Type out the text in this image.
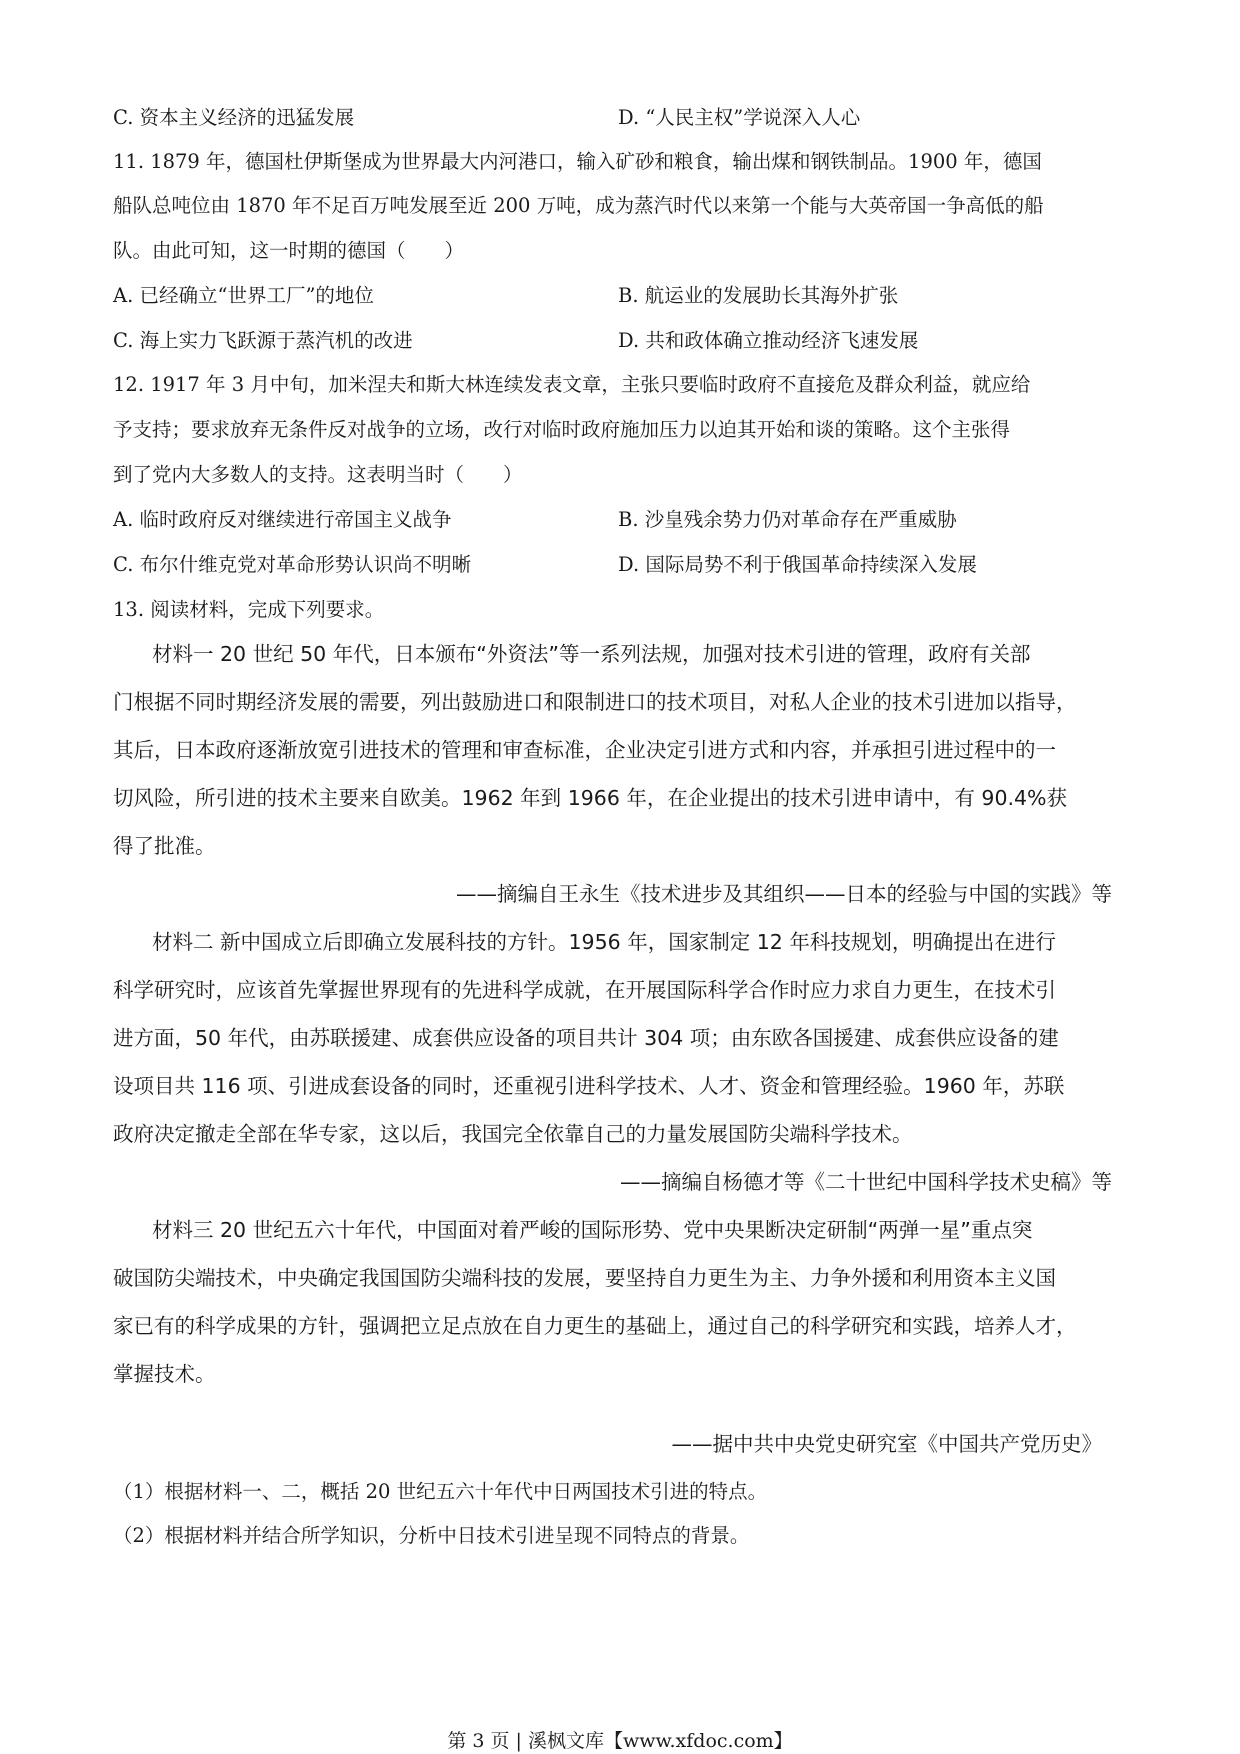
C. 资本主义经济的迅猛发展	D. “人民主权”学说深入人心
11. 1879 年，德国杜伊斯堡成为世界最大内河港口，输入矿砂和粮食，输出煤和钢铁制品。1900 年，德国
船队总吨位由 1870 年不足百万吨发展至近 200 万吨，成为蒸汽时代以来第一个能与大英帝国一争高低的船
队。由此可知，这一时期的德国（　　）
A. 已经确立“世界工厂”的地位	B. 航运业的发展助长其海外扩张
C. 海上实力飞跃源于蒸汽机的改进	D. 共和政体确立推动经济飞速发展
12. 1917 年 3 月中旬，加米涅夫和斯大林连续发表文章，主张只要临时政府不直接危及群众利益，就应给
予支持；要求放弃无条件反对战争的立场，改行对临时政府施加压力以迫其开始和谈的策略。这个主张得
到了党内大多数人的支持。这表明当时（　　）
A. 临时政府反对继续进行帝国主义战争	B. 沙皇残余势力仍对革命存在严重威胁
C. 布尔什维克党对革命形势认识尚不明晰	D. 国际局势不利于俄国革命持续深入发展
13. 阅读材料，完成下列要求。
材料一 20 世纪 50 年代，日本颁布“外资法”等一系列法规，加强对技术引进的管理，政府有关部
门根据不同时期经济发展的需要，列出鼓励进口和限制进口的技术项目，对私人企业的技术引进加以指导，
其后，日本政府逐渐放宽引进技术的管理和审查标准，企业决定引进方式和内容，并承担引进过程中的一
切风险，所引进的技术主要来自欧美。1962 年到 1966 年，在企业提出的技术引进申请中，有 90.4%获
得了批准。
——摘编自王永生《技术进步及其组织——日本的经验与中国的实践》等
材料二 新中国成立后即确立发展科技的方针。1956 年，国家制定 12 年科技规划，明确提出在进行
科学研究时，应该首先掌握世界现有的先进科学成就，在开展国际科学合作时应力求自力更生，在技术引
进方面，50 年代，由苏联援建、成套供应设备的项目共计 304 项；由东欧各国援建、成套供应设备的建
设项目共 116 项、引进成套设备的同时，还重视引进科学技术、人才、资金和管理经验。1960 年，苏联
政府决定撤走全部在华专家，这以后，我国完全依靠自己的力量发展国防尖端科学技术。
——摘编自杨德才等《二十世纪中国科学技术史稿》等
材料三 20 世纪五六十年代，中国面对着严峻的国际形势、党中央果断决定研制“两弹一星”重点突
破国防尖端技术，中央确定我国国防尖端科技的发展，要坚持自力更生为主、力争外援和利用资本主义国
家已有的科学成果的方针，强调把立足点放在自力更生的基础上，通过自己的科学研究和实践，培养人才，
掌握技术。
——据中共中央党史研究室《中国共产党历史》
（1）根据材料一、二，概括 20 世纪五六十年代中日两国技术引进的特点。
（2）根据材料并结合所学知识，分析中日技术引进呈现不同特点的背景。
第 3 页 | 溪枫文库【www.xfdoc.com】
